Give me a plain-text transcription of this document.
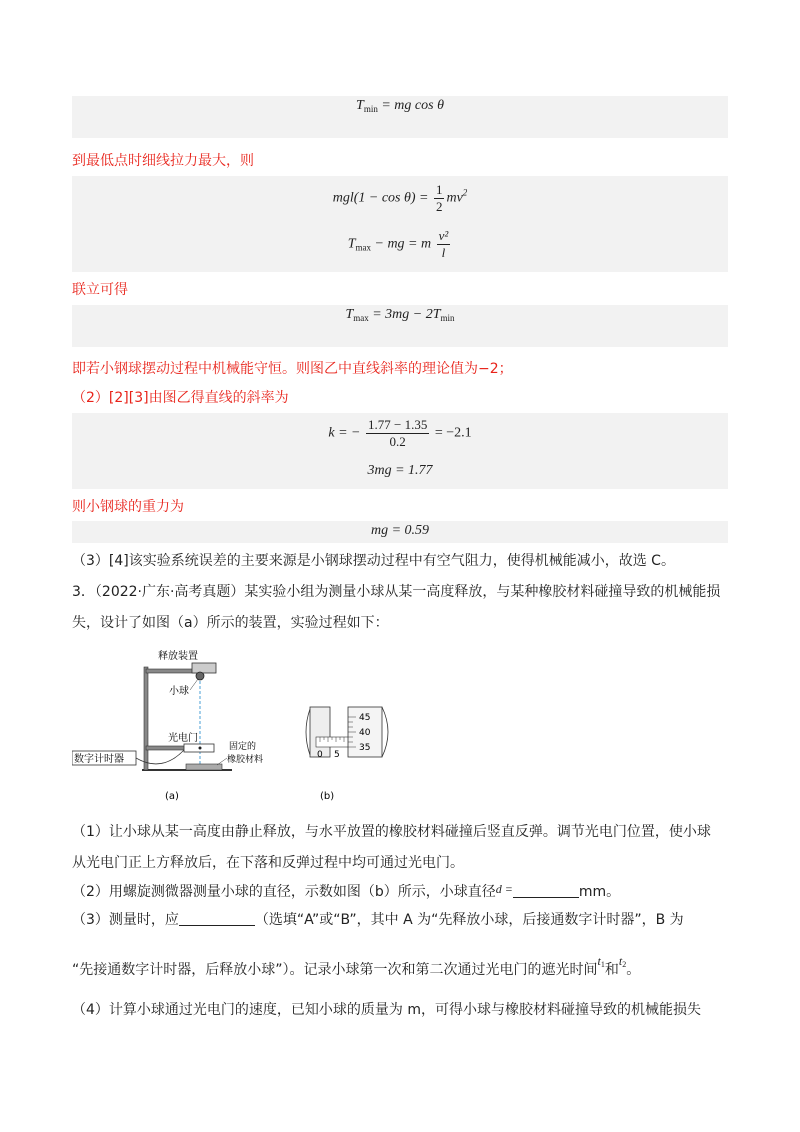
$T_{min}$ = mg cos θ
到最低点时细线拉力最大，则
$mgl(1 - \cos \theta) = \frac{1}{2} mv^2$
$T_{max}$ − mg = m $\frac{\text{v²}}{l}$
联立可得
$T_{max} = 3mg - 2T_{min}$
即若小钢球摆动过程中机械能守恒。则图乙中直线斜率的理论值为−2；
（2）[2][3]由图乙得直线的斜率为
k = − $\frac{1.77 - 1.35}{0.2} = -2.1$
3mg = 1.77
则小钢球的重力为
mg = 0.59
（3）[4]该实验系统误差的主要来源是小钢球摆动过程中有空气阻力，使得机械能减小，故选 C。
3．（2022·广东·高考真题）某实验小组为测量小球从某一高度释放，与某种橡胶材料碰撞导致的机械能损
失，设计了如图（a）所示的装置，实验过程如下：
释放装置
小球
光电门
数字计时器
固定的
橡胶材料
(a)
45
40
35
0 5
(b)
（1）让小球从某一高度由静止释放，与水平放置的橡胶材料碰撞后竖直反弹。调节光电门位置，使小球
从光电门正上方释放后，在下落和反弹过程中均可通过光电门。
（2）用螺旋测微器测量小球的直径，示数如图（b）所示，小球直径d =	mm。
（3）测量时，应	（选填“A”或“B”，其中 A 为“先释放小球，后接通数字计时器”，B 为
“先接通数字计时器，后释放小球”）。记录小球第一次和第二次通过光电门的遮光时间t1和t2。
（4）计算小球通过光电门的速度，已知小球的质量为 m，可得小球与橡胶材料碰撞导致的机械能损失
